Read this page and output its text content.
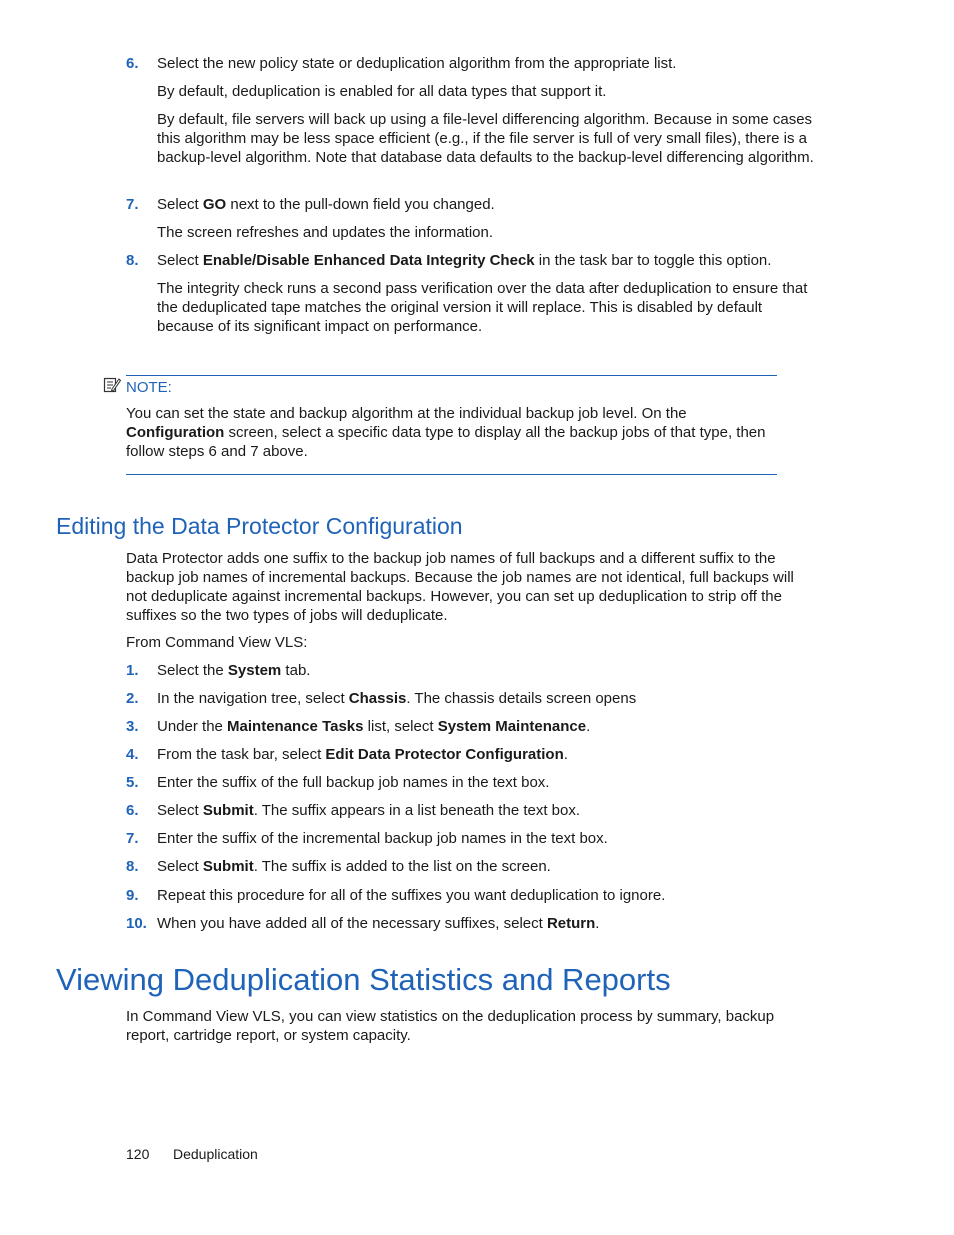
6. Select the new policy state or deduplication algorithm from the appropriate list.
By default, deduplication is enabled for all data types that support it.
By default, file servers will back up using a file-level differencing algorithm. Because in some cases this algorithm may be less space efficient (e.g., if the file server is full of very small files), there is a backup-level algorithm. Note that database data defaults to the backup-level differencing algorithm.
7. Select GO next to the pull-down field you changed.
The screen refreshes and updates the information.
8. Select Enable/Disable Enhanced Data Integrity Check in the task bar to toggle this option.
The integrity check runs a second pass verification over the data after deduplication to ensure that the deduplicated tape matches the original version it will replace. This is disabled by default because of its significant impact on performance.
NOTE:
You can set the state and backup algorithm at the individual backup job level. On the Configuration screen, select a specific data type to display all the backup jobs of that type, then follow steps 6 and 7 above.
Editing the Data Protector Configuration
Data Protector adds one suffix to the backup job names of full backups and a different suffix to the backup job names of incremental backups. Because the job names are not identical, full backups will not deduplicate against incremental backups. However, you can set up deduplication to strip off the suffixes so the two types of jobs will deduplicate.
From Command View VLS:
1. Select the System tab.
2. In the navigation tree, select Chassis. The chassis details screen opens
3. Under the Maintenance Tasks list, select System Maintenance.
4. From the task bar, select Edit Data Protector Configuration.
5. Enter the suffix of the full backup job names in the text box.
6. Select Submit. The suffix appears in a list beneath the text box.
7. Enter the suffix of the incremental backup job names in the text box.
8. Select Submit. The suffix is added to the list on the screen.
9. Repeat this procedure for all of the suffixes you want deduplication to ignore.
10. When you have added all of the necessary suffixes, select Return.
Viewing Deduplication Statistics and Reports
In Command View VLS, you can view statistics on the deduplication process by summary, backup report, cartridge report, or system capacity.
120 Deduplication
